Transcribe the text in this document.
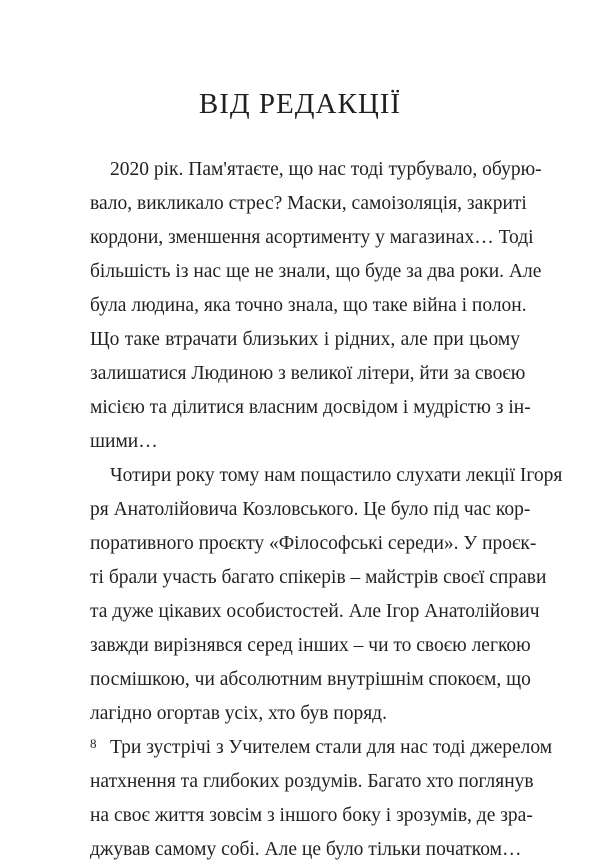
ВІД РЕДАКЦІЇ
2020 рік. Пам'ятаєте, що нас тоді турбувало, обурю-
вало, викликало стрес? Маски, самоізоляція, закриті
кордони, зменшення асортименту у магазинах… Тоді
більшість із нас ще не знали, що буде за два роки. Але
була людина, яка точно знала, що таке війна і полон.
Що таке втрачати близьких і рідних, але при цьому
залишатися Людиною з великої літери, йти за своєю
місією та ділитися власним досвідом і мудрістю з ін-
шими…
Чотири року тому нам пощастило слухати лекції Ігоря
ря Анатолійовича Козловського. Це було під час кор-
поративного проєкту «Філософські середи». У проєк-
ті брали участь багато спікерів – майстрів своєї справи
та дуже цікавих особистостей. Але Ігор Анатолійович
завжди вирізнявся серед інших – чи то своєю легкою
посмішкою, чи абсолютним внутрішнім спокоєм, що
лагідно огортав усіх, хто був поряд.
Три зустрічі з Учителем стали для нас тоді джерелом
натхнення та глибоких роздумів. Багато хто поглянув
на своє життя зовсім з іншого боку і зрозумів, де зра-
джував самому собі. Але це було тільки початком…
8
